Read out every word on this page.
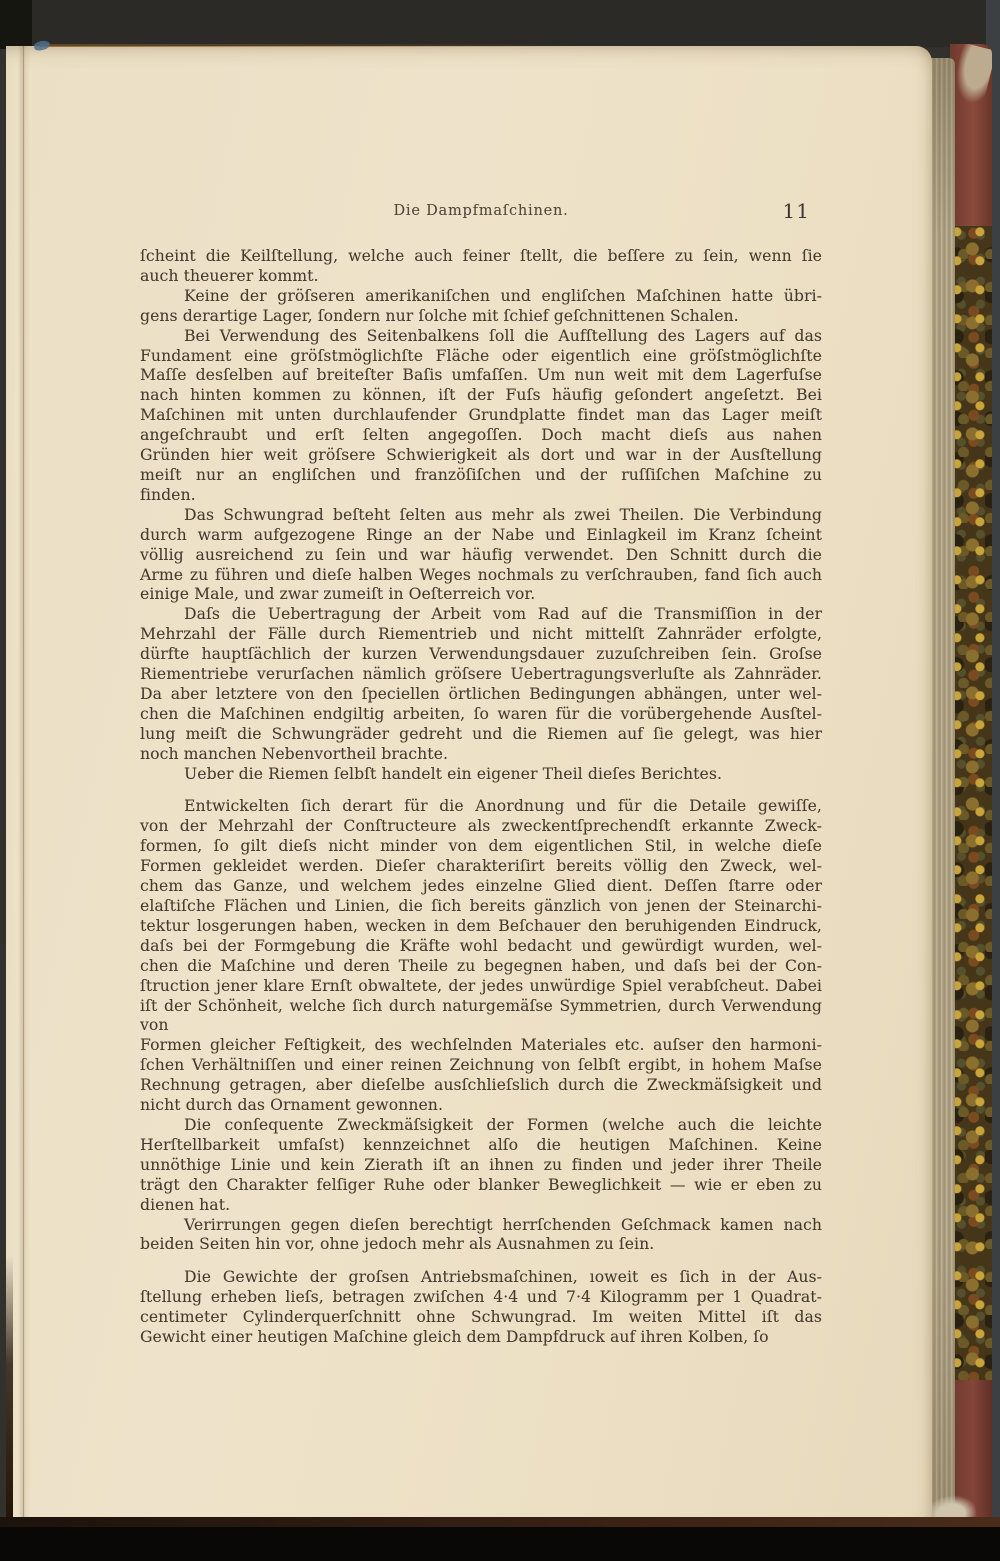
Die Dampfmaſchinen.	11
ſcheint die Keilſtellung, welche auch feiner ſtellt, die beſſere zu ſein, wenn ſie
auch theuerer kommt.
Keine der gröſseren amerikaniſchen und engliſchen Maſchinen hatte übri-
gens derartige Lager, ſondern nur ſolche mit ſchief geſchnittenen Schalen.
Bei Verwendung des Seitenbalkens ſoll die Aufſtellung des Lagers auf das
Fundament eine gröſstmöglichſte Fläche oder eigentlich eine gröſstmöglichſte
Maſſe desſelben auf breiteſter Baſis umfaſſen. Um nun weit mit dem Lagerfuſse
nach hinten kommen zu können, iſt der Fuſs häufig geſondert angeſetzt. Bei
Maſchinen mit unten durchlaufender Grundplatte findet man das Lager meiſt
angeſchraubt und erſt ſelten angegoſſen. Doch macht dieſs aus nahen
Gründen hier weit gröſsere Schwierigkeit als dort und war in der Ausſtellung
meiſt nur an engliſchen und franzöſiſchen und der ruſſiſchen Maſchine zu
finden.
Das Schwungrad beſteht ſelten aus mehr als zwei Theilen. Die Verbindung
durch warm aufgezogene Ringe an der Nabe und Einlagkeil im Kranz ſcheint
völlig ausreichend zu ſein und war häufig verwendet. Den Schnitt durch die
Arme zu führen und dieſe halben Weges nochmals zu verſchrauben, fand ſich auch
einige Male, und zwar zumeiſt in Oeſterreich vor.
Daſs die Uebertragung der Arbeit vom Rad auf die Transmiſſion in der
Mehrzahl der Fälle durch Riementrieb und nicht mittelſt Zahnräder erfolgte,
dürfte hauptſächlich der kurzen Verwendungsdauer zuzuſchreiben ſein. Groſse
Riementriebe verurſachen nämlich gröſsere Uebertragungsverluſte als Zahnräder.
Da aber letztere von den ſpeciellen örtlichen Bedingungen abhängen, unter wel-
chen die Maſchinen endgiltig arbeiten, ſo waren für die vorübergehende Ausſtel-
lung meiſt die Schwungräder gedreht und die Riemen auf ſie gelegt, was hier
noch manchen Nebenvortheil brachte.
Ueber die Riemen ſelbſt handelt ein eigener Theil dieſes Berichtes.
Entwickelten ſich derart für die Anordnung und für die Detaile gewiſſe,
von der Mehrzahl der Conſtructeure als zweckentſprechendſt erkannte Zweck-
formen, ſo gilt dieſs nicht minder von dem eigentlichen Stil, in welche dieſe
Formen gekleidet werden. Dieſer charakteriſirt bereits völlig den Zweck, wel-
chem das Ganze, und welchem jedes einzelne Glied dient. Deſſen ſtarre oder
elaſtiſche Flächen und Linien, die ſich bereits gänzlich von jenen der Steinarchi-
tektur losgerungen haben, wecken in dem Beſchauer den beruhigenden Eindruck,
daſs bei der Formgebung die Kräfte wohl bedacht und gewürdigt wurden, wel-
chen die Maſchine und deren Theile zu begegnen haben, und daſs bei der Con-
ſtruction jener klare Ernſt obwaltete, der jedes unwürdige Spiel verabſcheut. Dabei
iſt der Schönheit, welche ſich durch naturgemäſse Symmetrien, durch Verwendung von
Formen gleicher Feſtigkeit, des wechſelnden Materiales etc. auſser den harmoni-
ſchen Verhältniſſen und einer reinen Zeichnung von ſelbſt ergibt, in hohem Maſse
Rechnung getragen, aber dieſelbe ausſchlieſslich durch die Zweckmäſsigkeit und
nicht durch das Ornament gewonnen.
Die conſequente Zweckmäſsigkeit der Formen (welche auch die leichte
Herſtellbarkeit umfaſst) kennzeichnet alſo die heutigen Maſchinen. Keine
unnöthige Linie und kein Zierath iſt an ihnen zu finden und jeder ihrer Theile
trägt den Charakter felſiger Ruhe oder blanker Beweglichkeit — wie er eben zu
dienen hat.
Verirrungen gegen dieſen berechtigt herrſchenden Geſchmack kamen nach
beiden Seiten hin vor, ohne jedoch mehr als Ausnahmen zu ſein.
Die Gewichte der groſsen Antriebsmaſchinen, ıoweit es ſich in der Aus-
ſtellung erheben lieſs, betragen zwiſchen 4·4 und 7·4 Kilogramm per 1 Quadrat-
centimeter Cylinderquerſchnitt ohne Schwungrad. Im weiten Mittel iſt das
Gewicht einer heutigen Maſchine gleich dem Dampfdruck auf ihren Kolben, ſo
